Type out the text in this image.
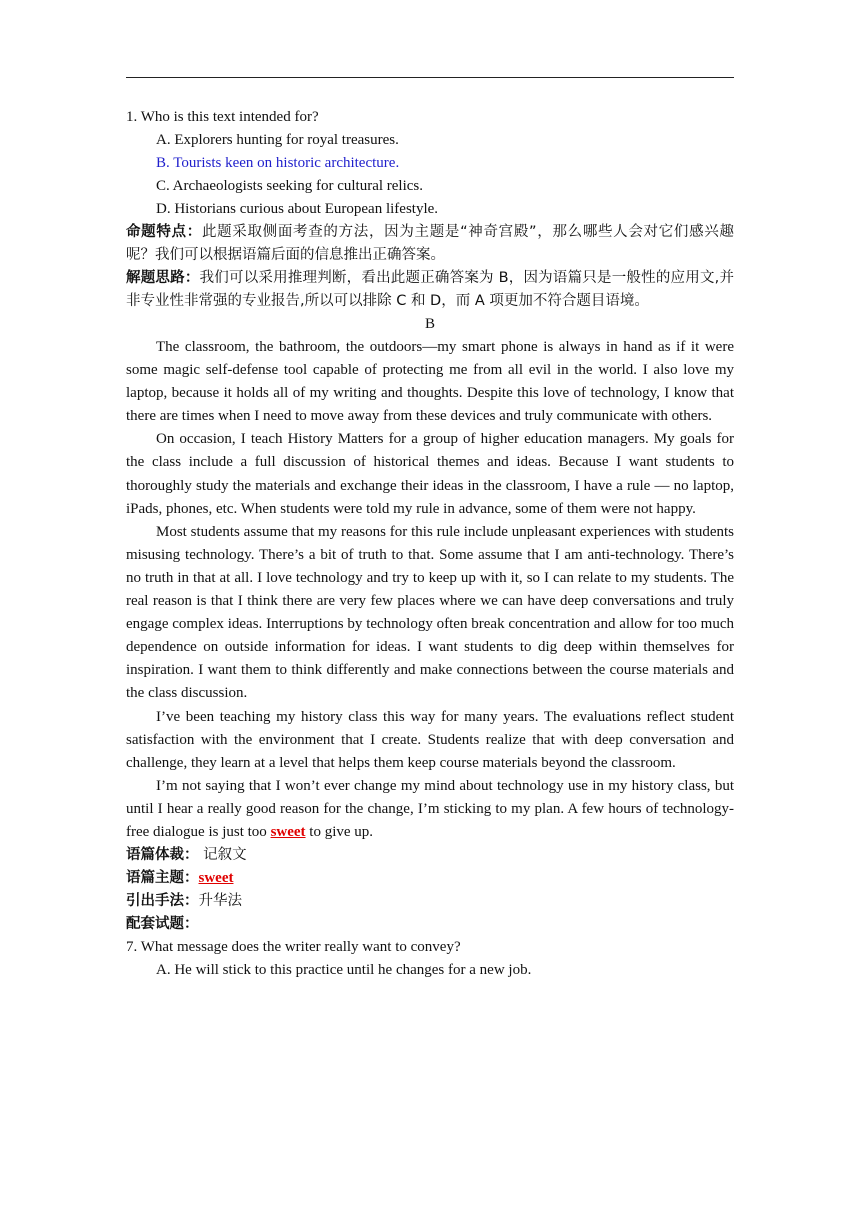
1. Who is this text intended for?
A. Explorers hunting for royal treasures.
B. Tourists keen on historic architecture.
C. Archaeologists seeking for cultural relics.
D. Historians curious about European lifestyle.
命题特点：此题采取侧面考查的方法，因为主题是“神奇宫殿”，那么哪些人会对它们感兴趣呢？我们可以根据语篇后面的信息推出正确答案。
解题思路：我们可以采用推理判断，看出此题正确答案为 B，因为语篇只是一般性的应用文,并非专业性非常强的专业报告,所以可以排除 C 和 D，而 A 项更加不符合题目语境。
B
The classroom, the bathroom, the outdoors—my smart phone is always in hand as if it were some magic self-defense tool capable of protecting me from all evil in the world. I also love my laptop, because it holds all of my writing and thoughts. Despite this love of technology, I know that there are times when I need to move away from these devices and truly communicate with others.
On occasion, I teach History Matters for a group of higher education managers. My goals for the class include a full discussion of historical themes and ideas. Because I want students to thoroughly study the materials and exchange their ideas in the classroom, I have a rule — no laptop, iPads, phones, etc. When students were told my rule in advance, some of them were not happy.
Most students assume that my reasons for this rule include unpleasant experiences with students misusing technology. There’s a bit of truth to that. Some assume that I am anti-technology. There’s no truth in that at all. I love technology and try to keep up with it, so I can relate to my students. The real reason is that I think there are very few places where we can have deep conversations and truly engage complex ideas. Interruptions by technology often break concentration and allow for too much dependence on outside information for ideas. I want students to dig deep within themselves for inspiration. I want them to think differently and make connections between the course materials and the class discussion.
I’ve been teaching my history class this way for many years. The evaluations reflect student satisfaction with the environment that I create. Students realize that with deep conversation and challenge, they learn at a level that helps them keep course materials beyond the classroom.
I’m not saying that I won’t ever change my mind about technology use in my history class, but until I hear a really good reason for the change, I’m sticking to my plan. A few hours of technology-free dialogue is just too sweet to give up.
语篇体裁： 记叙文
语篇主题：sweet
引出手法：升华法
配套试题：
7. What message does the writer really want to convey?
A. He will stick to this practice until he changes for a new job.
